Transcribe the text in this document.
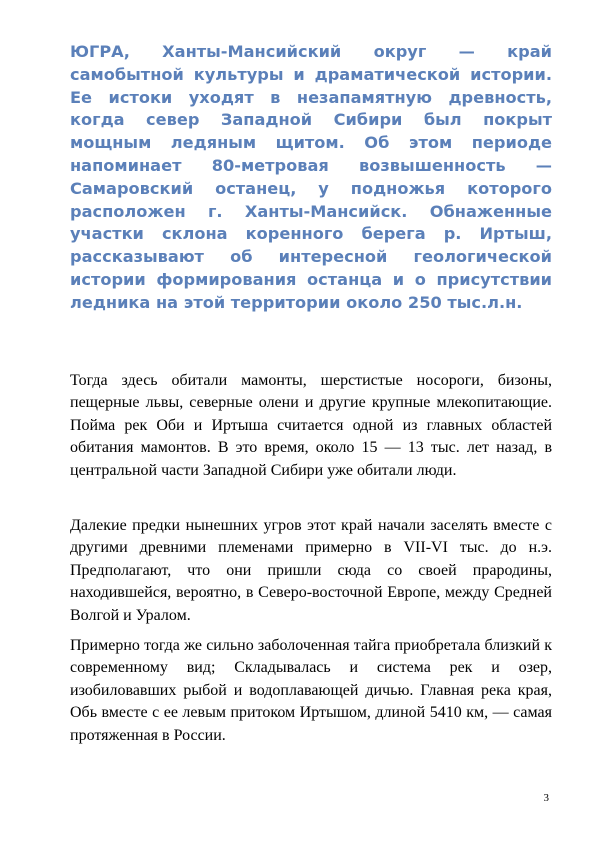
ЮГРА, Ханты-Мансийский округ — край самобытной культуры и драматической истории. Ее истоки уходят в незапамятную древность, когда север Западной Сибири был покрыт мощным ледяным щитом. Об этом периоде напоминает 80-метровая возвышенность — Самаровский останец, у подножья которого расположен г. Ханты-Мансийск. Обнаженные участки склона коренного берега р. Иртыш, рассказывают об интересной геологической истории формирования останца и о присутствии ледника на этой территории около 250 тыс.л.н.

Тогда здесь обитали мамонты, шерстистые носороги, бизоны, пещерные львы, северные олени и другие крупные млекопитающие. Пойма рек Оби и Иртыша считается одной из главных областей обитания мамонтов. В это время, около 15 — 13 тыс. лет назад, в центральной части Западной Сибири уже обитали люди.

Далекие предки нынешних угров этот край начали заселять вместе с другими древними племенами примерно в VII-VI тыс. до н.э. Предполагают, что они пришли сюда со своей прародины, находившейся, вероятно, в Северо-восточной Европе, между Средней Волгой и Уралом.

Примерно тогда же сильно заболоченная тайга приобретала близкий к современному вид; Складывалась и система рек и озер, изобиловавших рыбой и водоплавающей дичью. Главная река края, Обь вместе с ее левым притоком Иртышом, длиной 5410 км, — самая протяженная в России.

3
